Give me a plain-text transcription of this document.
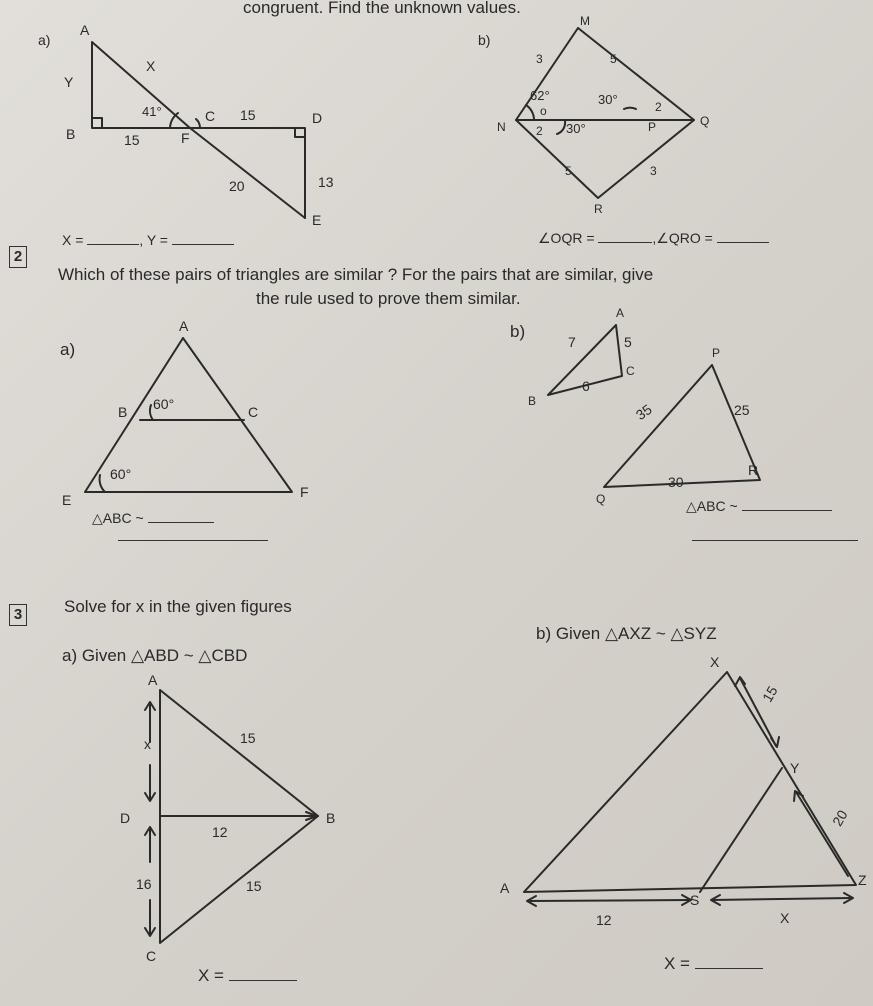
congruent. Find the unknown values.
a)
A
X
Y
41°	C 15	D
B	15	F
20	13
E
X =	, Y =
b)
M
3	5
62°
o
30°	2
N	2 30°	P	Q
5	3
R
∠OQR =	,∠QRO =
2
Which of these pairs of triangles are similar ? For the pairs that are similar, give
the rule used to prove them similar.
a)
A
B 60°	C
60°
E	F
△ABC ~
b)
A
7	5
C
B
6
P
35	25
R
30
Q	△ABC ~
3 Solve for x in the given figures
a) Given △ABD ~ △CBD
A
x	15
D
12
B
16	15
C
X =
b) Given △AXZ ~ △SYZ
X
15
Y
20
A
S
Z
12	X
X =
